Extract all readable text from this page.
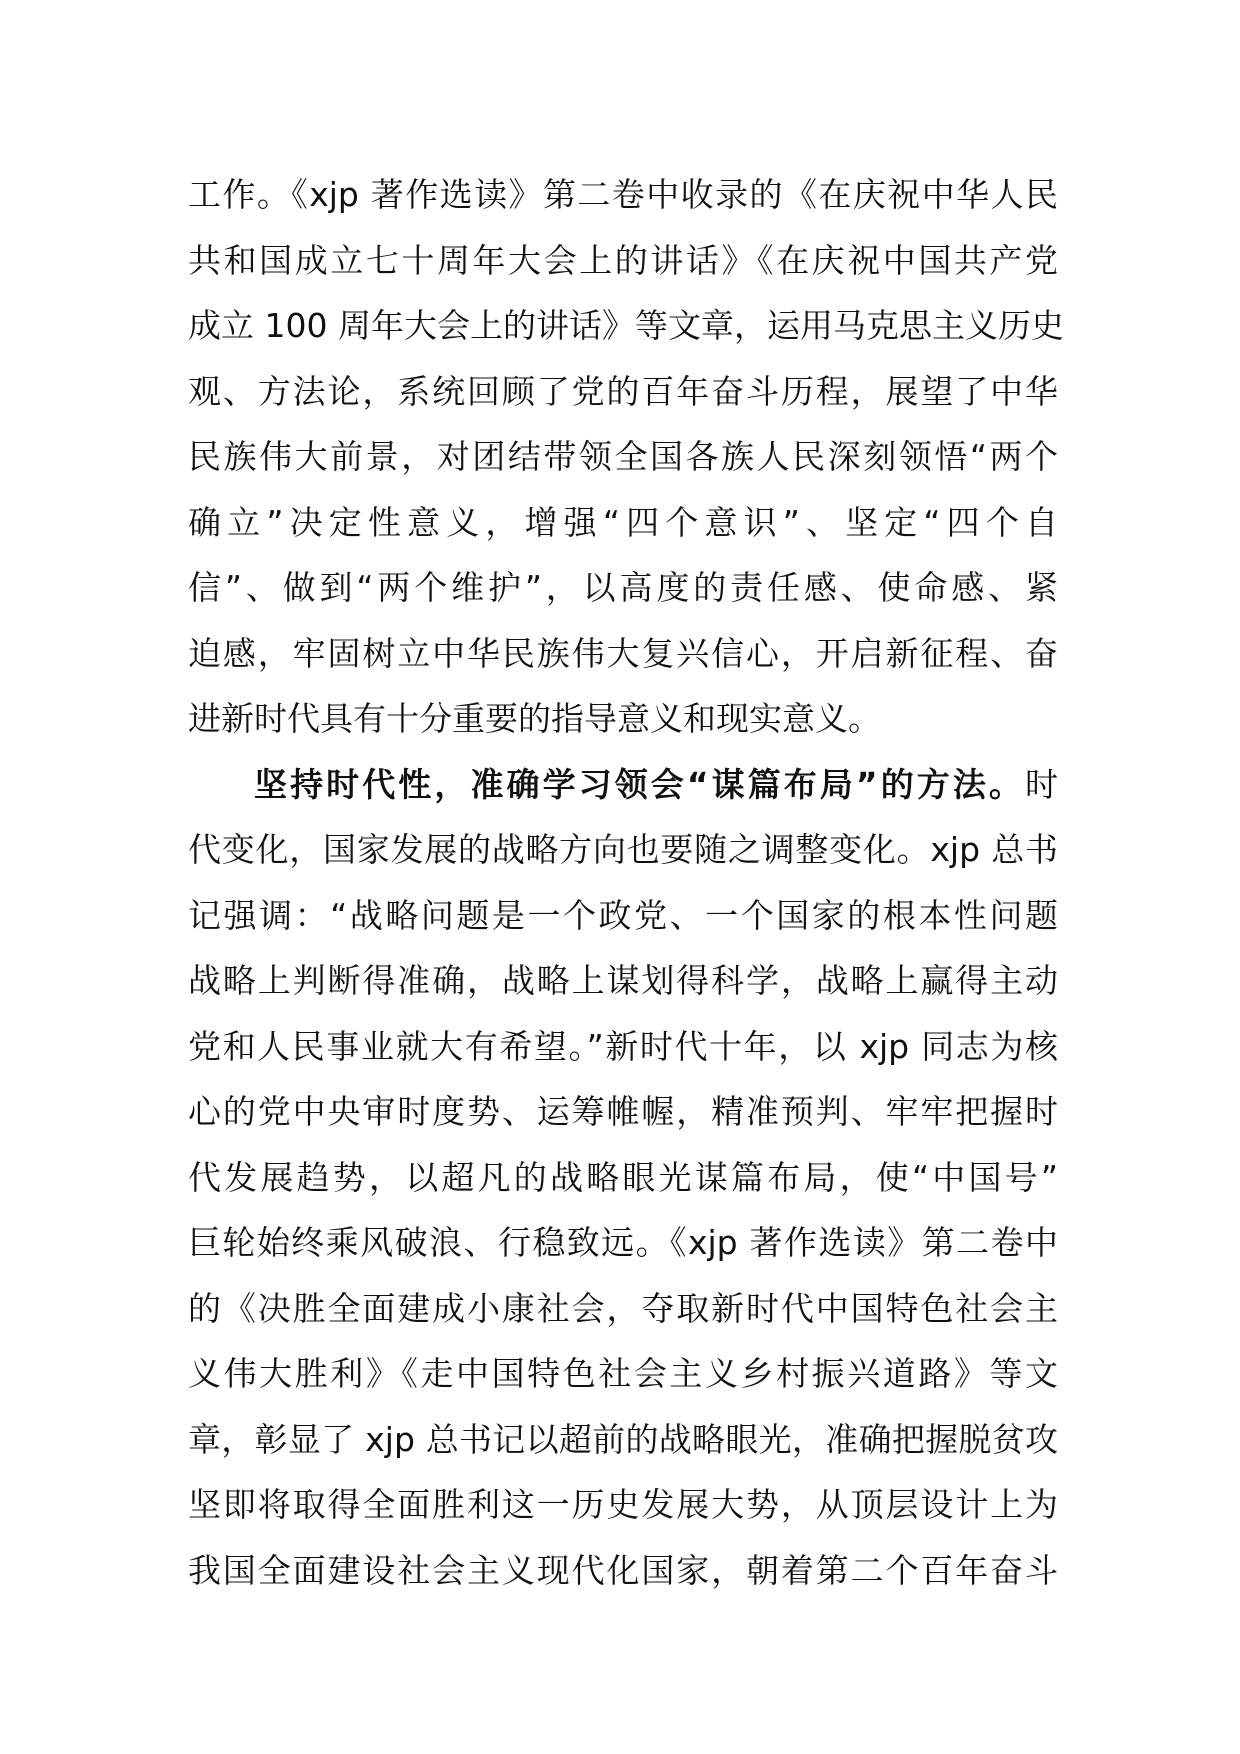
工作。《xjp 著作选读》第二卷中收录的《在庆祝中华人民
共和国成立七十周年大会上的讲话》《在庆祝中国共产党
成立 100 周年大会上的讲话》等文章，运用马克思主义历史
观、方法论，系统回顾了党的百年奋斗历程，展望了中华
民族伟大前景，对团结带领全国各族人民深刻领悟“两个
确立”决定性意义，增强“四个意识”、坚定“四个自
信”、做到“两个维护”，以高度的责任感、使命感、紧
迫感，牢固树立中华民族伟大复兴信心，开启新征程、奋
进新时代具有十分重要的指导意义和现实意义。
坚持时代性，准确学习领会“谋篇布局”的方法。时
代变化，国家发展的战略方向也要随之调整变化。xjp 总书
记强调：“战略问题是一个政党、一个国家的根本性问题
战略上判断得准确，战略上谋划得科学，战略上赢得主动
党和人民事业就大有希望。”新时代十年，以 xjp 同志为核
心的党中央审时度势、运筹帷幄，精准预判、牢牢把握时
代发展趋势，以超凡的战略眼光谋篇布局，使“中国号”
巨轮始终乘风破浪、行稳致远。《xjp 著作选读》第二卷中
的《决胜全面建成小康社会，夺取新时代中国特色社会主
义伟大胜利》《走中国特色社会主义乡村振兴道路》等文
章，彰显了 xjp 总书记以超前的战略眼光，准确把握脱贫攻
坚即将取得全面胜利这一历史发展大势，从顶层设计上为
我国全面建设社会主义现代化国家，朝着第二个百年奋斗
